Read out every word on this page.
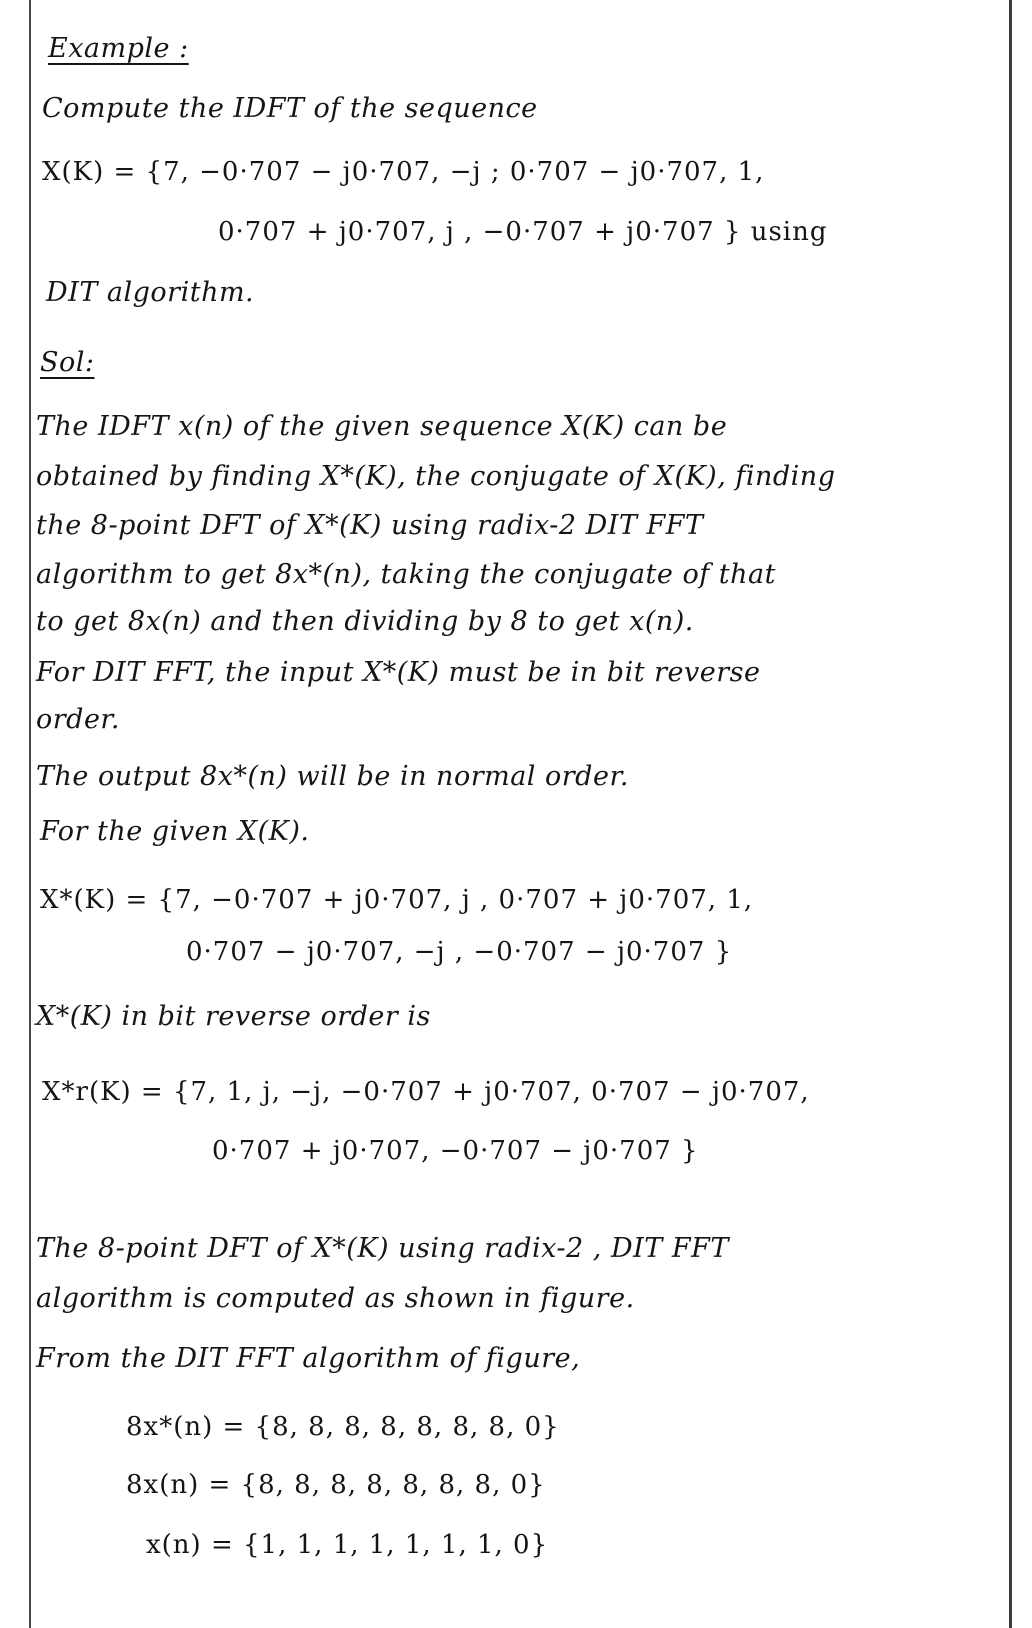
Example :
Compute the IDFT of the sequence
X(K) = {7, −0·707 − j0·707, −j ; 0·707 − j0·707, 1,
0·707 + j0·707, j , −0·707 + j0·707 } using
DIT algorithm.
Sol:
The IDFT x(n) of the given sequence X(K) can be
obtained by finding X*(K), the conjugate of X(K), finding
the 8-point DFT of X*(K) using radix-2 DIT FFT
algorithm to get 8x*(n), taking the conjugate of that
to get 8x(n) and then dividing by 8 to get x(n).
For DIT FFT, the input X*(K) must be in bit reverse
order.
The output 8x*(n) will be in normal order.
For the given X(K).
X*(K) = {7, −0·707 + j0·707, j , 0·707 + j0·707, 1,
0·707 − j0·707, −j , −0·707 − j0·707 }
X*(K) in bit reverse order is
X*r(K) = {7, 1, j, −j, −0·707 + j0·707, 0·707 − j0·707,
0·707 + j0·707, −0·707 − j0·707 }
The 8-point DFT of X*(K) using radix-2 , DIT FFT
algorithm is computed as shown in figure.
From the DIT FFT algorithm of figure,
8x*(n) = {8, 8, 8, 8, 8, 8, 8, 0}
8x(n) = {8, 8, 8, 8, 8, 8, 8, 0}
x(n) = {1, 1, 1, 1, 1, 1, 1, 0}
